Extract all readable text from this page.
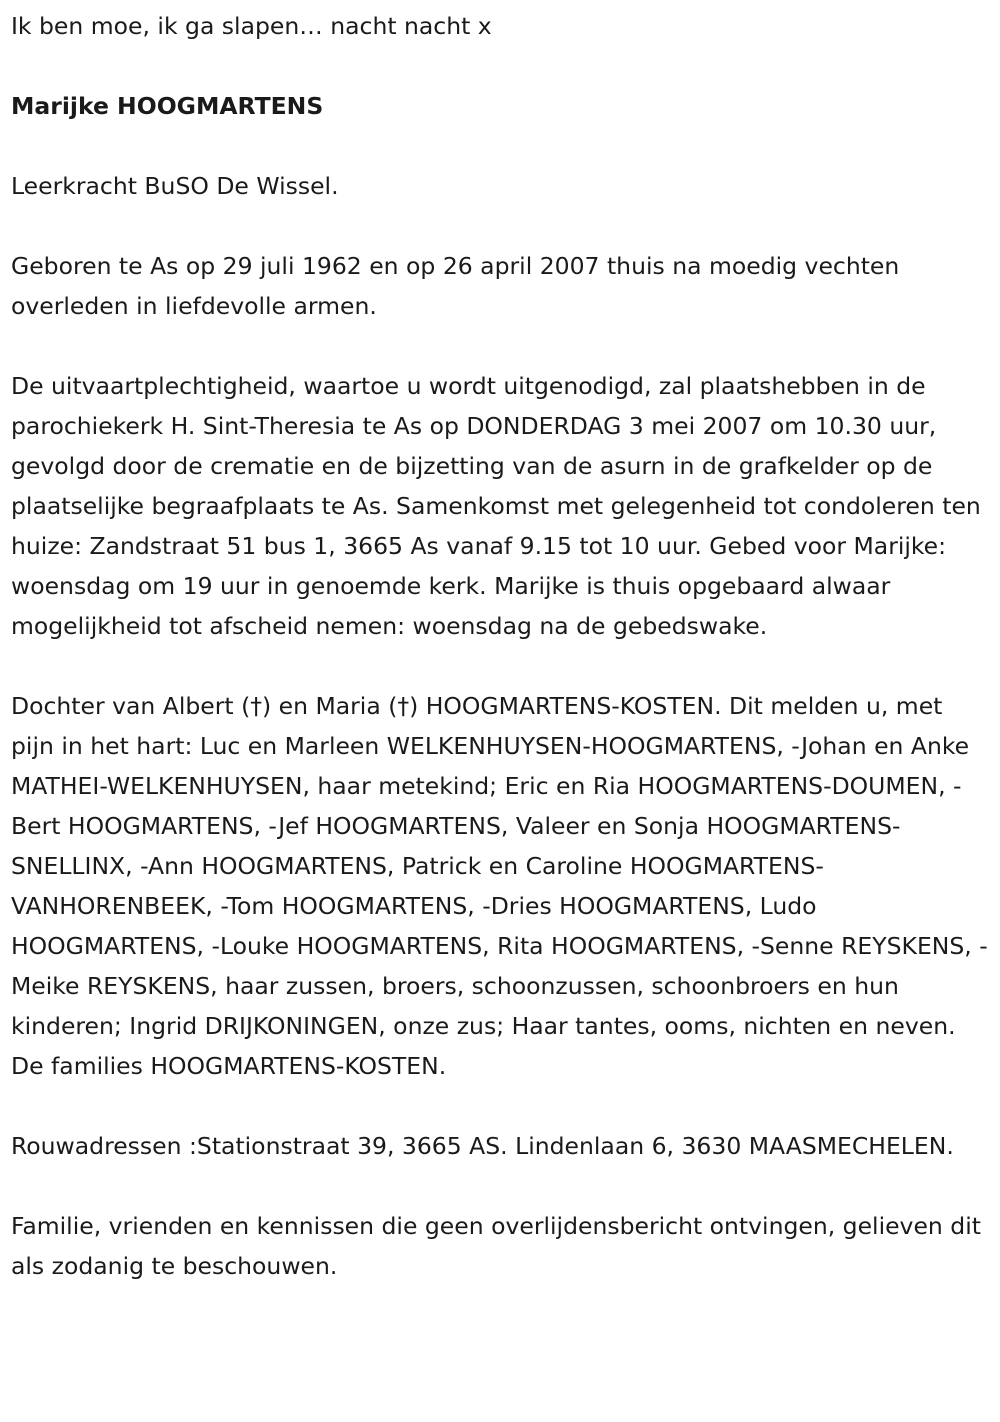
Ik ben moe, ik ga slapen… nacht nacht x

Marijke HOOGMARTENS

Leerkracht BuSO De Wissel.

Geboren te As op 29 juli 1962 en op 26 april 2007 thuis na moedig vechten overleden in liefdevolle armen.

De uitvaartplechtigheid, waartoe u wordt uitgenodigd, zal plaatshebben in de parochiekerk H. Sint-Theresia te As op DONDERDAG 3 mei 2007 om 10.30 uur, gevolgd door de crematie en de bijzetting van de asurn in de grafkelder op de plaatselijke begraafplaats te As. Samenkomst met gelegenheid tot condoleren ten huize: Zandstraat 51 bus 1, 3665 As vanaf 9.15 tot 10 uur. Gebed voor Marijke: woensdag om 19 uur in genoemde kerk. Marijke is thuis opgebaard alwaar mogelijkheid tot afscheid nemen: woensdag na de gebedswake.

Dochter van Albert (†) en Maria (†) HOOGMARTENS-KOSTEN. Dit melden u, met pijn in het hart: Luc en Marleen WELKENHUYSEN-HOOGMARTENS, -Johan en Anke MATHEI-WELKENHUYSEN, haar metekind; Eric en Ria HOOGMARTENS-DOUMEN, -Bert HOOGMARTENS, -Jef HOOGMARTENS, Valeer en Sonja HOOGMARTENS-SNELLINX, -Ann HOOGMARTENS, Patrick en Caroline HOOGMARTENS-VANHORENBEEK, -Tom HOOGMARTENS, -Dries HOOGMARTENS, Ludo HOOGMARTENS, -Louke HOOGMARTENS, Rita HOOGMARTENS, -Senne REYSKENS, -Meike REYSKENS, haar zussen, broers, schoonzussen, schoonbroers en hun kinderen; Ingrid DRIJKONINGEN, onze zus; Haar tantes, ooms, nichten en neven. De families HOOGMARTENS-KOSTEN.

Rouwadressen :Stationstraat 39, 3665 AS. Lindenlaan 6, 3630 MAASMECHELEN.

Familie, vrienden en kennissen die geen overlijdensbericht ontvingen, gelieven dit als zodanig te beschouwen.
